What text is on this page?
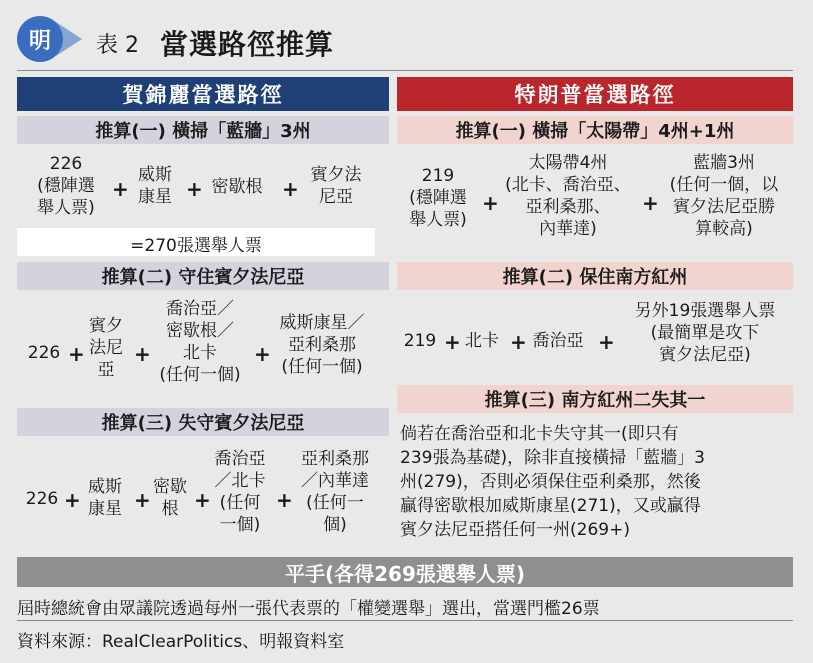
明 表 2 當選路徑推算
賀錦麗當選路徑	特朗普當選路徑
推算(一) 橫掃「藍牆」3州
226
(穩陣選
舉人票)
+
威斯
康星 + 密歇根 +
賓夕法
尼亞
=270張選舉人票
推算(二) 守住賓夕法尼亞
226 +
賓夕
法尼
亞
+
喬治亞／
密歇根／
北卡
(任何一個)
+
威斯康星／
亞利桑那
(任何一個)
推算(三) 失守賓夕法尼亞
226 +
威斯
康星 +
密歇
根 +
喬治亞
／北卡
(任何
一個)
+
亞利桑那
／內華達
(任何一
個)
推算(一) 橫掃「太陽帶」4州+1州
219
(穩陣選
舉人票)
+
太陽帶4州
(北卡、喬治亞、
亞利桑那、
內華達)
+
藍牆3州
(任何一個，以
賓夕法尼亞勝
算較高)
推算(二) 保住南方紅州
219 + 北卡 + 喬治亞 +
另外19張選舉人票
(最簡單是攻下
賓夕法尼亞)
推算(三) 南方紅州二失其一
倘若在喬治亞和北卡失守其一(即只有
239張為基礎)，除非直接橫掃「藍牆」3
州(279)，否則必須保住亞利桑那，然後
贏得密歇根加威斯康星(271)，又或贏得
賓夕法尼亞搭任何一州(269+)
平手(各得269張選舉人票)
屆時總統會由眾議院透過每州一張代表票的「權變選舉」選出，當選門檻26票
資料來源：RealClearPolitics、明報資料室
